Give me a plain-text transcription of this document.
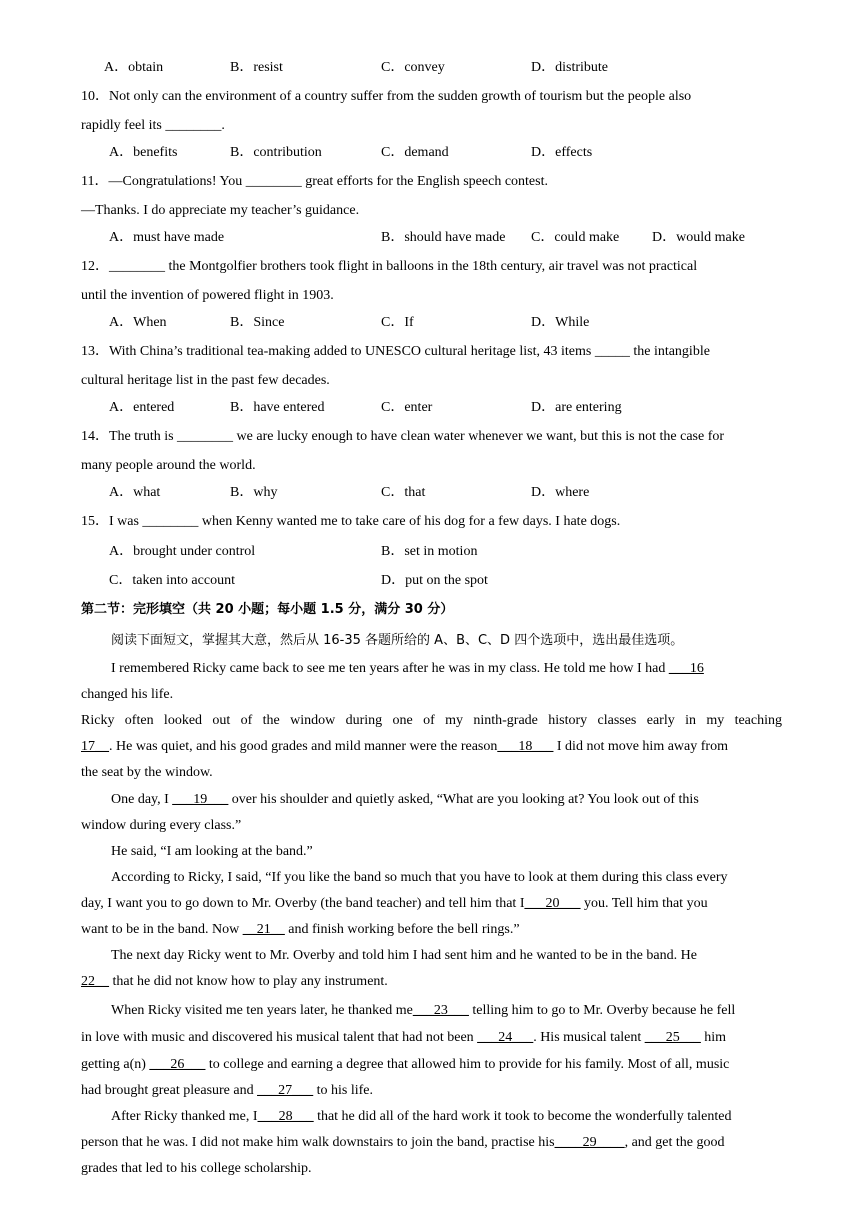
A．obtain	B．resist	C．convey	D．distribute
10．Not only can the environment of a country suffer from the sudden growth of tourism but the people also
rapidly feel its ________.
A．benefits	B．contribution	C．demand	D．effects
11．—Congratulations! You ________ great efforts for the English speech contest.
—Thanks. I do appreciate my teacher’s guidance.
A．must have made	B．should have made C．could make D．would make
12．________ the Montgolfier brothers took flight in balloons in the 18th century, air travel was not practical
until the invention of powered flight in 1903.
A．When	B．Since	C．If	D．While
13．With China’s traditional tea-making added to UNESCO cultural heritage list, 43 items _____ the intangible
cultural heritage list in the past few decades.
A．entered	B．have entered	C．enter	D．are entering
14．The truth is ________ we are lucky enough to have clean water whenever we want, but this is not the case for
many people around the world.
A．what	B．why	C．that	D．where
15．I was ________ when Kenny wanted me to take care of his dog for a few days. I hate dogs.
A．brought under control	B．set in motion
C．taken into account	D．put on the spot
第二节：完形填空（共 20 小题；每小题 1.5 分，满分 30 分）
阅读下面短文，掌握其大意，然后从 16-35 各题所给的 A、B、C、D 四个选项中，选出最佳选项。
I remembered Ricky came back to see me ten years after he was in my class. He told me how I had ___16
changed his life.
Ricky often looked out of the window during one of my ninth-grade history classes early in my teaching
17__. He was quiet, and his good grades and mild manner were the reason___18___ I did not move him away from
the seat by the window.
One day, I ___19___ over his shoulder and quietly asked, “What are you looking at? You look out of this
window during every class.”
He said, “I am looking at the band.”
According to Ricky, I said, “If you like the band so much that you have to look at them during this class every
day, I want you to go down to Mr. Overby (the band teacher) and tell him that I___20___ you. Tell him that you
want to be in the band. Now __21__ and finish working before the bell rings.”
The next day Ricky went to Mr. Overby and told him I had sent him and he wanted to be in the band. He
22__ that he did not know how to play any instrument.
When Ricky visited me ten years later, he thanked me___23___ telling him to go to Mr. Overby because he fell
in love with music and discovered his musical talent that had not been ___24___. His musical talent ___25___ him
getting a(n) ___26___ to college and earning a degree that allowed him to provide for his family. Most of all, music
had brought great pleasure and ___27___ to his life.
After Ricky thanked me, I___28___ that he did all of the hard work it took to become the wonderfully talented
person that he was. I did not make him walk downstairs to join the band, practise his____29____, and get the good
grades that led to his college scholarship.
